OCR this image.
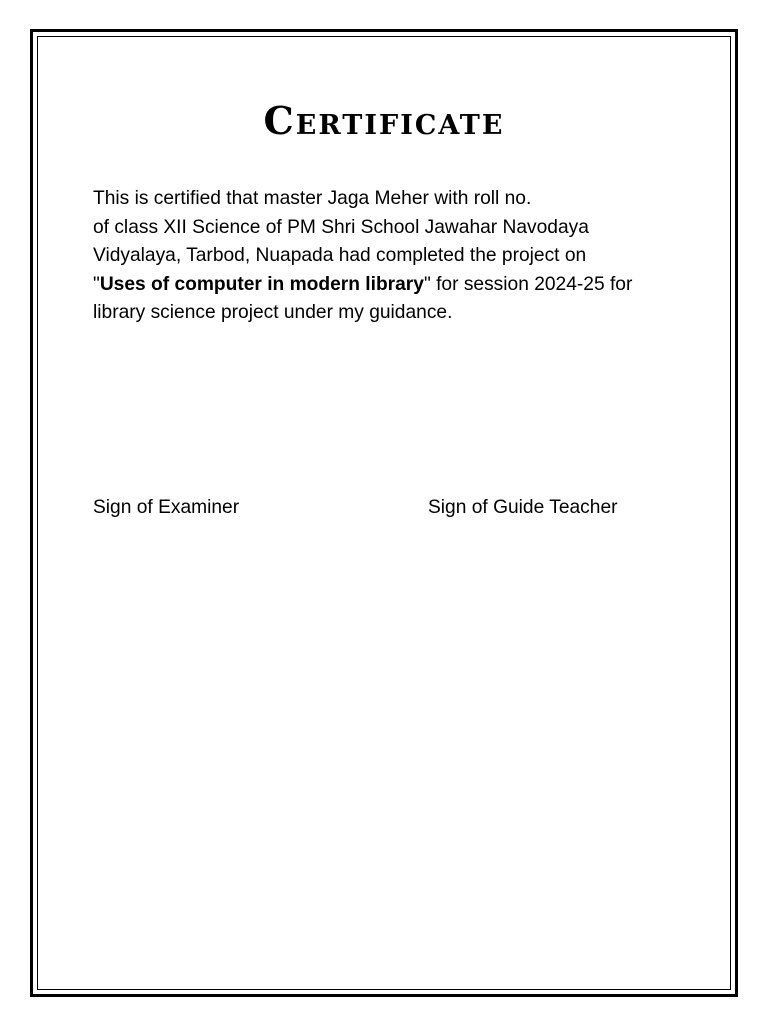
Certificate
This is certified that master Jaga Meher with roll no.
of class XII Science of PM Shri School Jawahar Navodaya
Vidyalaya, Tarbod, Nuapada had completed the project on
"Uses of computer in modern library" for session 2024-25 for
library science project under my guidance.
Sign of Examiner	Sign of Guide Teacher
